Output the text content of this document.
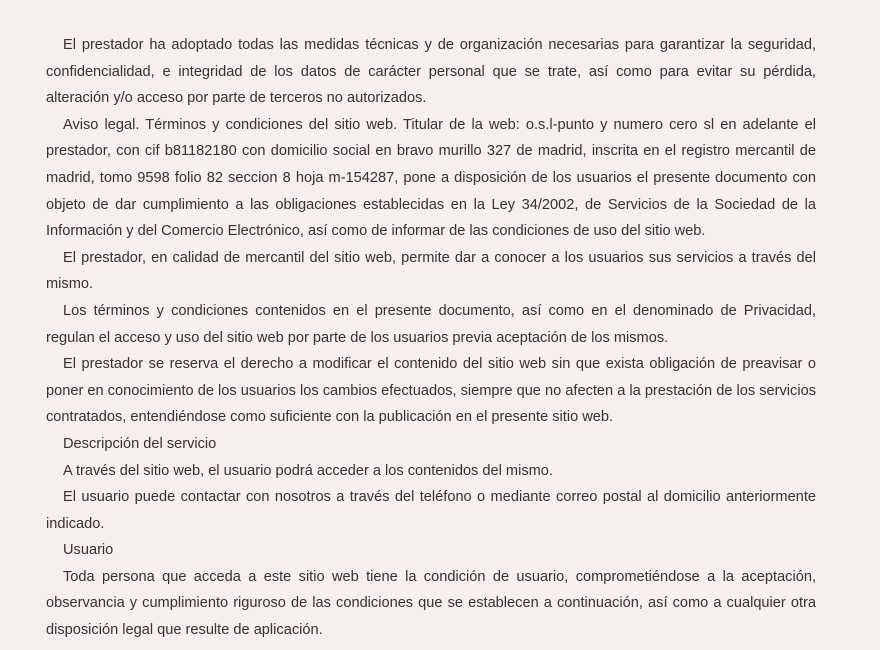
El prestador ha adoptado todas las medidas técnicas y de organización necesarias para garantizar la seguridad, confidencialidad, e integridad de los datos de carácter personal que se trate, así como para evitar su pérdida, alteración y/o acceso por parte de terceros no autorizados.

Aviso legal. Términos y condiciones del sitio web. Titular de la web: o.s.l-punto y numero cero sl en adelante el prestador, con cif b81182180 con domicilio social en bravo murillo 327 de madrid, inscrita en el registro mercantil de madrid, tomo 9598 folio 82 seccion 8 hoja m-154287, pone a disposición de los usuarios el presente documento con objeto de dar cumplimiento a las obligaciones establecidas en la Ley 34/2002, de Servicios de la Sociedad de la Información y del Comercio Electrónico, así como de informar de las condiciones de uso del sitio web.

El prestador, en calidad de mercantil del sitio web, permite dar a conocer a los usuarios sus servicios a través del mismo.

Los términos y condiciones contenidos en el presente documento, así como en el denominado de Privacidad, regulan el acceso y uso del sitio web por parte de los usuarios previa aceptación de los mismos.

El prestador se reserva el derecho a modificar el contenido del sitio web sin que exista obligación de preavisar o poner en conocimiento de los usuarios los cambios efectuados, siempre que no afecten a la prestación de los servicios contratados, entendiéndose como suficiente con la publicación en el presente sitio web.

Descripción del servicio

A través del sitio web, el usuario podrá acceder a los contenidos del mismo.

El usuario puede contactar con nosotros a través del teléfono o mediante correo postal al domicilio anteriormente indicado.

Usuario

Toda persona que acceda a este sitio web tiene la condición de usuario, comprometiéndose a la aceptación, observancia y cumplimiento riguroso de las condiciones que se establecen a continuación, así como a cualquier otra disposición legal que resulte de aplicación.
